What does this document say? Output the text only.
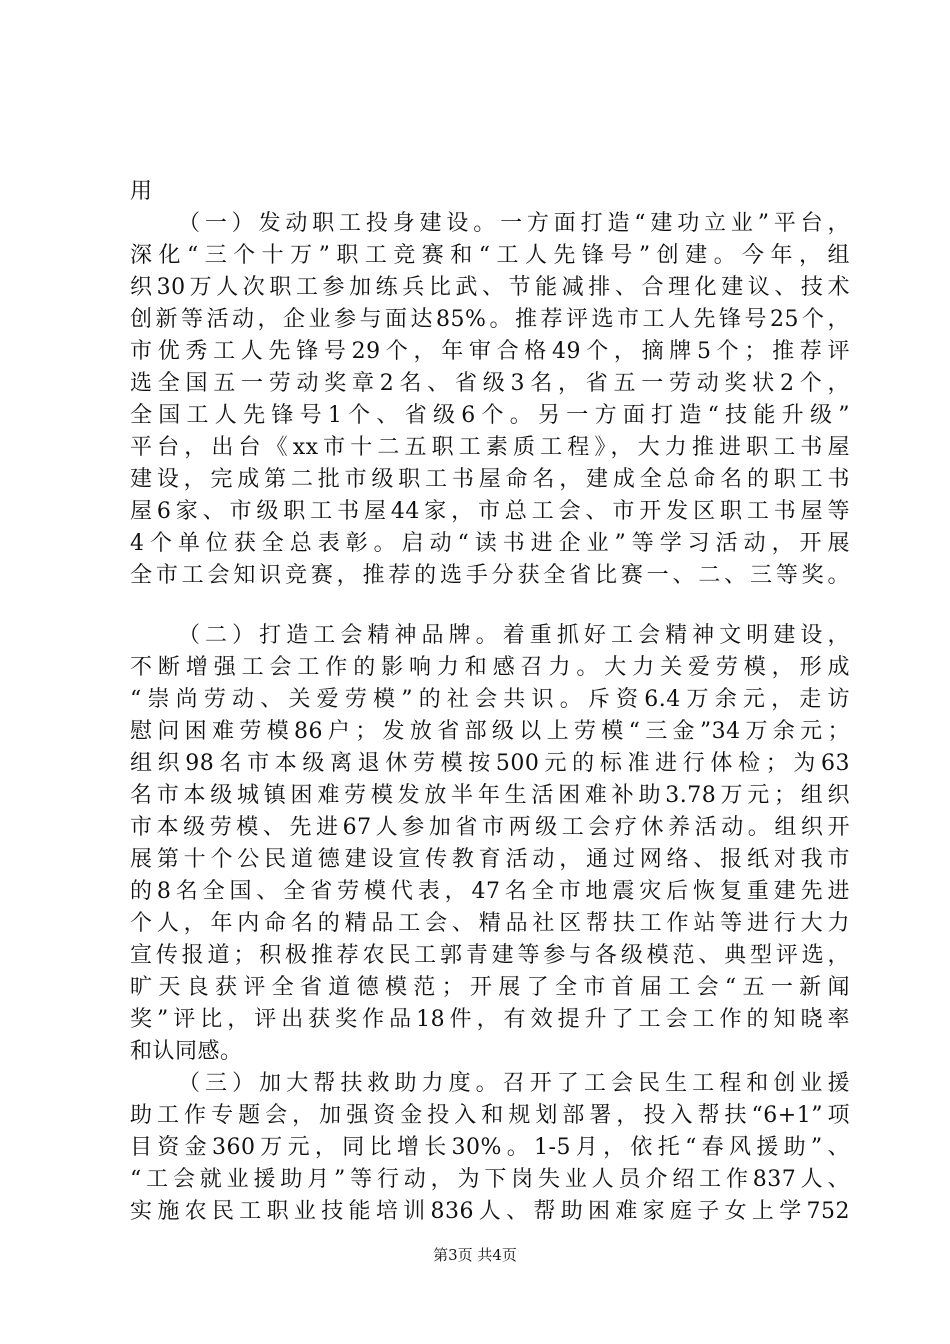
用
（一）发动职工投身建设。一方面打造“建功立业”平台，
深化“三个十万”职工竞赛和“工人先锋号”创建。今年，组
织30万人次职工参加练兵比武、节能减排、合理化建议、技术
创新等活动，企业参与面达85%。推荐评选市工人先锋号25个，
市优秀工人先锋号29个，年审合格49个，摘牌5个；推荐评
选全国五一劳动奖章2名、省级3名，省五一劳动奖状2个，
全国工人先锋号1个、省级6个。另一方面打造“技能升级”
平台，出台《xx市十二五职工素质工程》，大力推进职工书屋
建设，完成第二批市级职工书屋命名，建成全总命名的职工书
屋6家、市级职工书屋44家，市总工会、市开发区职工书屋等
4个单位获全总表彰。启动“读书进企业”等学习活动，开展
全市工会知识竞赛，推荐的选手分获全省比赛一、二、三等奖。
（二）打造工会精神品牌。着重抓好工会精神文明建设，
不断增强工会工作的影响力和感召力。大力关爱劳模，形成
“崇尚劳动、关爱劳模”的社会共识。斥资6.4万余元，走访
慰问困难劳模86户；发放省部级以上劳模“三金”34万余元；
组织98名市本级离退休劳模按500元的标准进行体检；为63
名市本级城镇困难劳模发放半年生活困难补助3.78万元；组织
市本级劳模、先进67人参加省市两级工会疗休养活动。组织开
展第十个公民道德建设宣传教育活动，通过网络、报纸对我市
的8名全国、全省劳模代表，47名全市地震灾后恢复重建先进
个人，年内命名的精品工会、精品社区帮扶工作站等进行大力
宣传报道；积极推荐农民工郭青建等参与各级模范、典型评选，
旷天良获评全省道德模范；开展了全市首届工会“五一新闻
奖”评比，评出获奖作品18件，有效提升了工会工作的知晓率
和认同感。
（三）加大帮扶救助力度。召开了工会民生工程和创业援
助工作专题会，加强资金投入和规划部署，投入帮扶“6+1”项
目资金360万元，同比增长30%。1-5月，依托“春风援助”、
“工会就业援助月”等行动，为下岗失业人员介绍工作837人、
实施农民工职业技能培训836人、帮助困难家庭子女上学752
第3页 共4页
